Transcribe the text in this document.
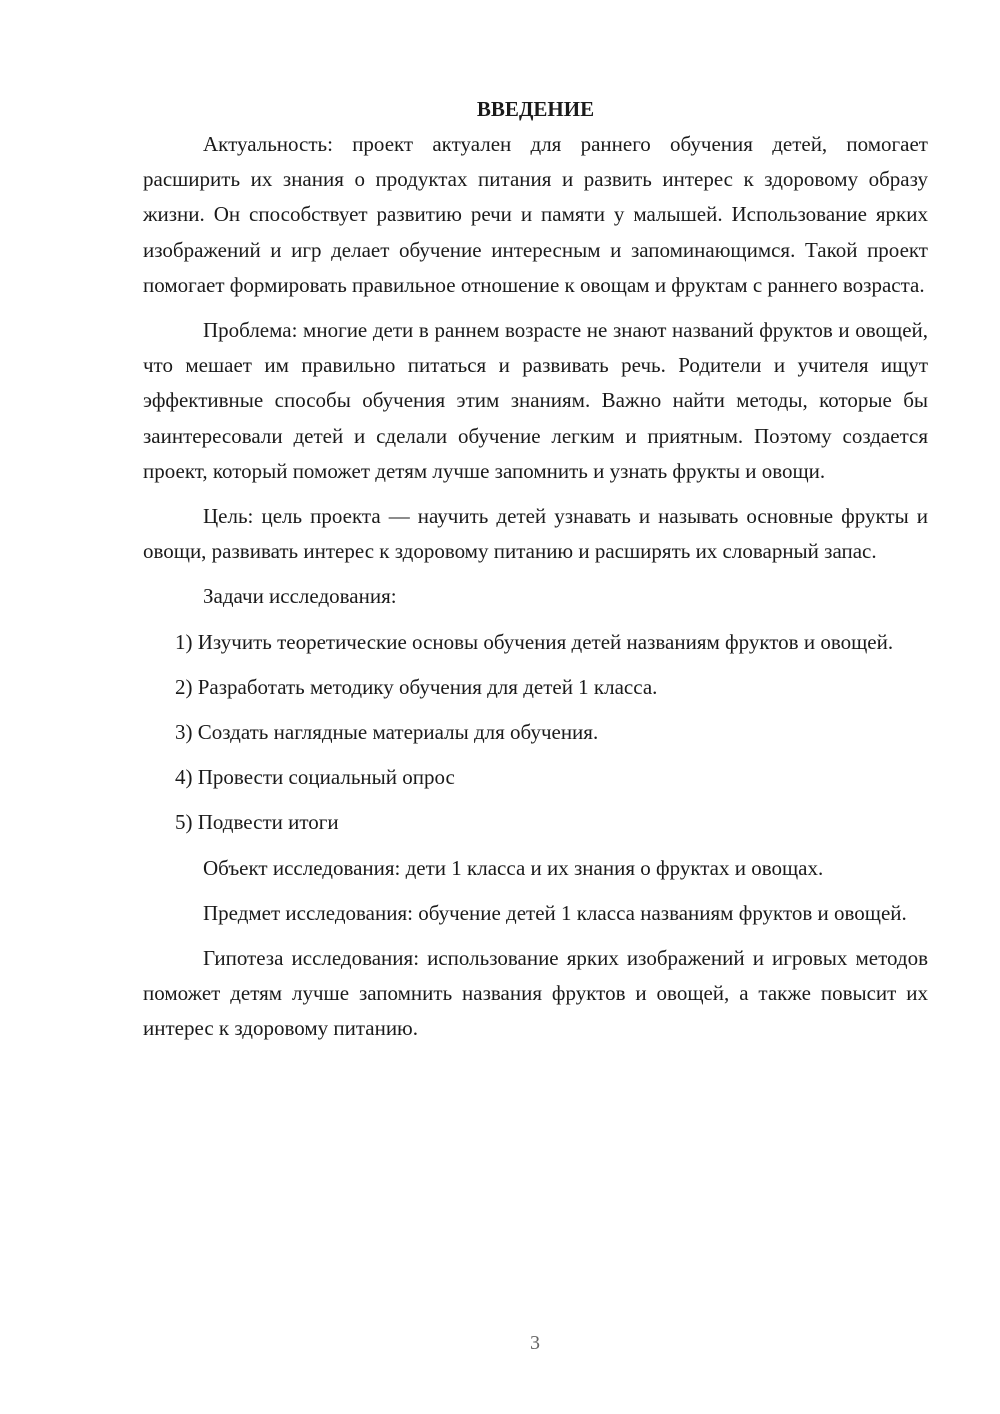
ВВЕДЕНИЕ

Актуальность: проект актуален для раннего обучения детей, помогает расширить их знания о продуктах питания и развить интерес к здоровому образу жизни. Он способствует развитию речи и памяти у малышей. Использование ярких изображений и игр делает обучение интересным и запоминающимся. Такой проект помогает формировать правильное отношение к овощам и фруктам с раннего возраста.

Проблема: многие дети в раннем возрасте не знают названий фруктов и овощей, что мешает им правильно питаться и развивать речь. Родители и учителя ищут эффективные способы обучения этим знаниям. Важно найти методы, которые бы заинтересовали детей и сделали обучение легким и приятным. Поэтому создается проект, который поможет детям лучше запомнить и узнать фрукты и овощи.

Цель: цель проекта — научить детей узнавать и называть основные фрукты и овощи, развивать интерес к здоровому питанию и расширять их словарный запас.

Задачи исследования:

1) Изучить теоретические основы обучения детей названиям фруктов и овощей.
2) Разработать методику обучения для детей 1 класса.
3) Создать наглядные материалы для обучения.
4) Провести социальный опрос
5) Подвести итоги

Объект исследования: дети 1 класса и их знания о фруктах и овощах.

Предмет исследования: обучение детей 1 класса названиям фруктов и овощей.

Гипотеза исследования: использование ярких изображений и игровых методов поможет детям лучше запомнить названия фруктов и овощей, а также повысит их интерес к здоровому питанию.

3
